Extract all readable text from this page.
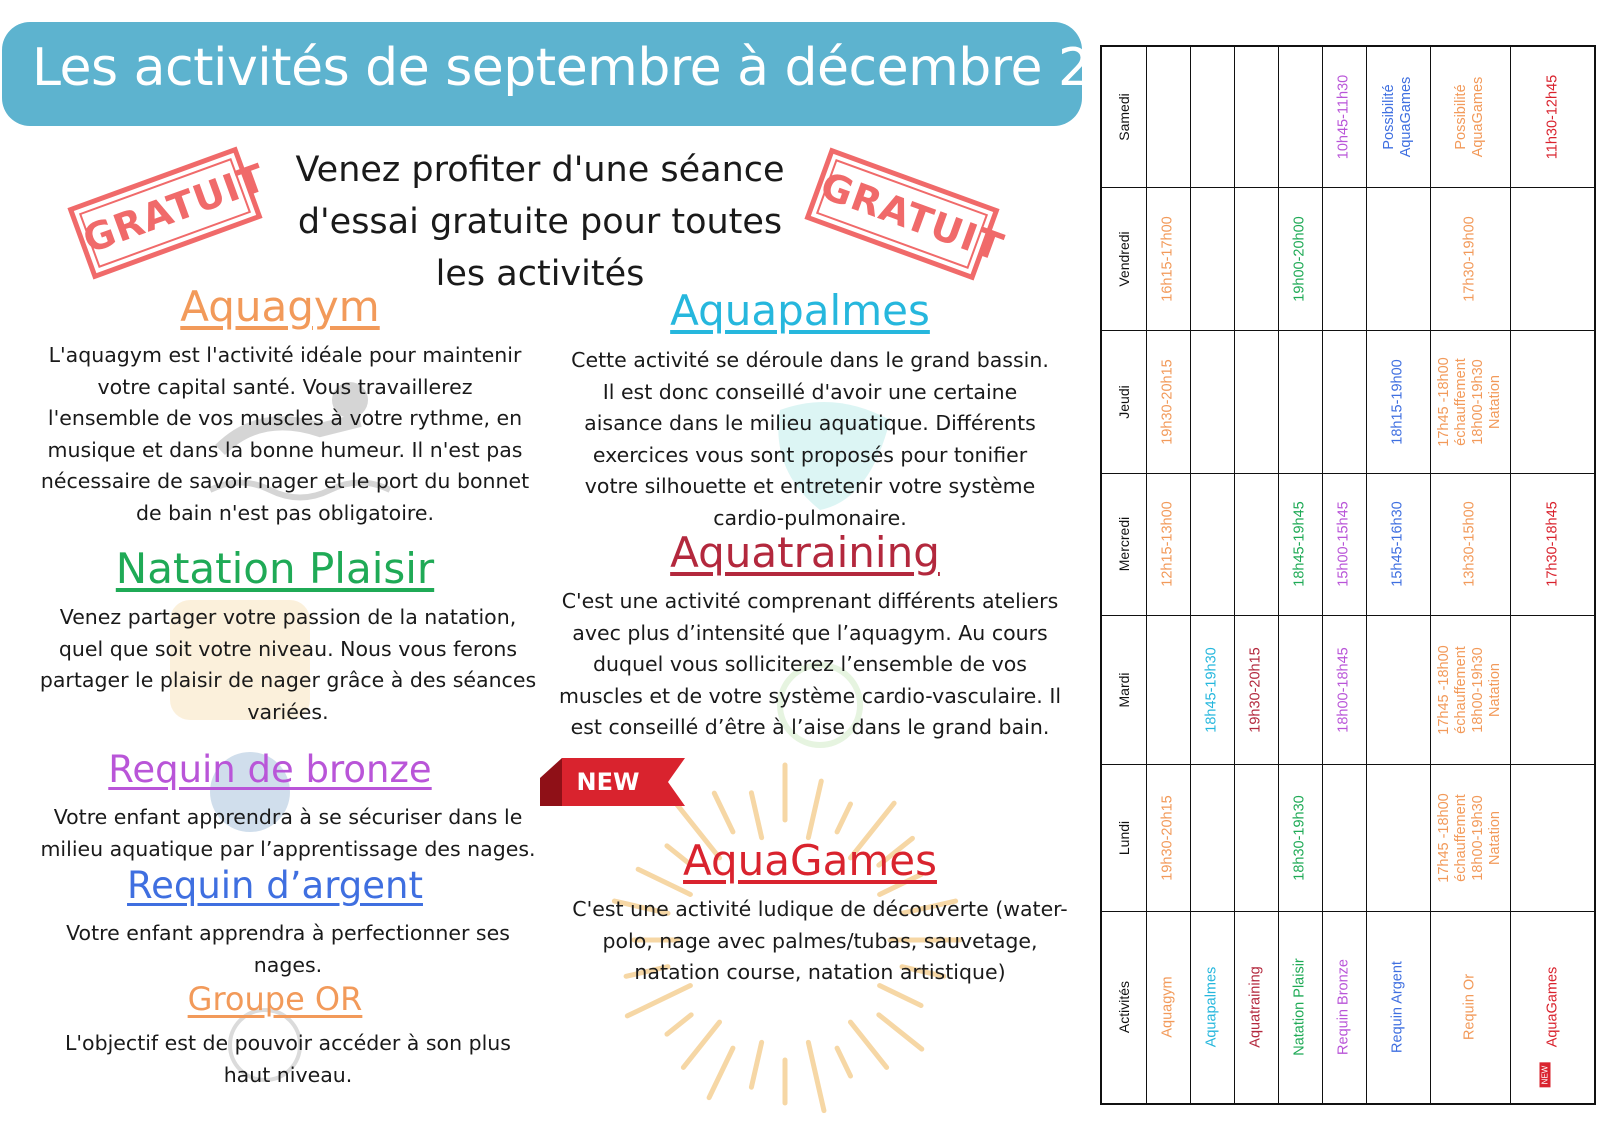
Les activités de septembre à décembre 2025
GRATUIT	GRATUIT
Venez profiter d'une séance
d'essai gratuite pour toutes
les activités
NEW
Aquagym
L'aquagym est l'activité idéale pour maintenir
votre capital santé. Vous travaillerez
l'ensemble de vos muscles à votre rythme, en
musique et dans la bonne humeur. Il n'est pas
nécessaire de savoir nager et le port du bonnet
de bain n'est pas obligatoire.
Aquapalmes
Cette activité se déroule dans le grand bassin.
Il est donc conseillé d'avoir une certaine
aisance dans le milieu aquatique. Différents
exercices vous sont proposés pour tonifier
votre silhouette et entretenir votre système
cardio-pulmonaire.
Natation Plaisir
Venez partager votre passion de la natation,
quel que soit votre niveau. Nous vous ferons
partager le plaisir de nager grâce à des séances
variées.
Aquatraining
C'est une activité comprenant différents ateliers
avec plus d’intensité que l’aquagym. Au cours
duquel vous solliciterez l’ensemble de vos
muscles et de votre système cardio-vasculaire. Il
est conseillé d’être à l’aise dans le grand bain.
Requin de bronze
Votre enfant apprendra à se sécuriser dans le
milieu aquatique par l’apprentissage des nages.
Requin d’argent
Votre enfant apprendra à perfectionner ses
nages.
Groupe OR
L'objectif est de pouvoir accéder à son plus
haut niveau.
AquaGames
C'est une activité ludique de découverte (water-
polo, nage avec palmes/tubas, sauvetage,
natation course, natation artistique)
Samedi
Vendredi
Jeudi
Mercredi
Mardi
Lundi
Activités Aquagym
16h15-17h00
19h30-20h15
12h15-13h00
19h30-20h15
Aquapalmes
18h45-19h30
Aquatraining
19h30-20h15
Natation Plaisir
19h00-20h00
18h45-19h45
18h30-19h30
Requin Bronze
10h45-11h30
15h00-15h45
18h00-18h45
Requin Argent
Possibilité AquaGames
18h15-19h00
15h45-16h30
Requin Or
Possibilité AquaGames
17h30-19h00
17h45 -18h00 échauffement 18h00-19h30 Natation
13h30-15h00
17h45 -18h00 échauffement 18h00-19h30 Natation
17h45 -18h00 échauffement 18h00-19h30 Natation
AquaGames
NEW
11h30-12h45
17h30-18h45
